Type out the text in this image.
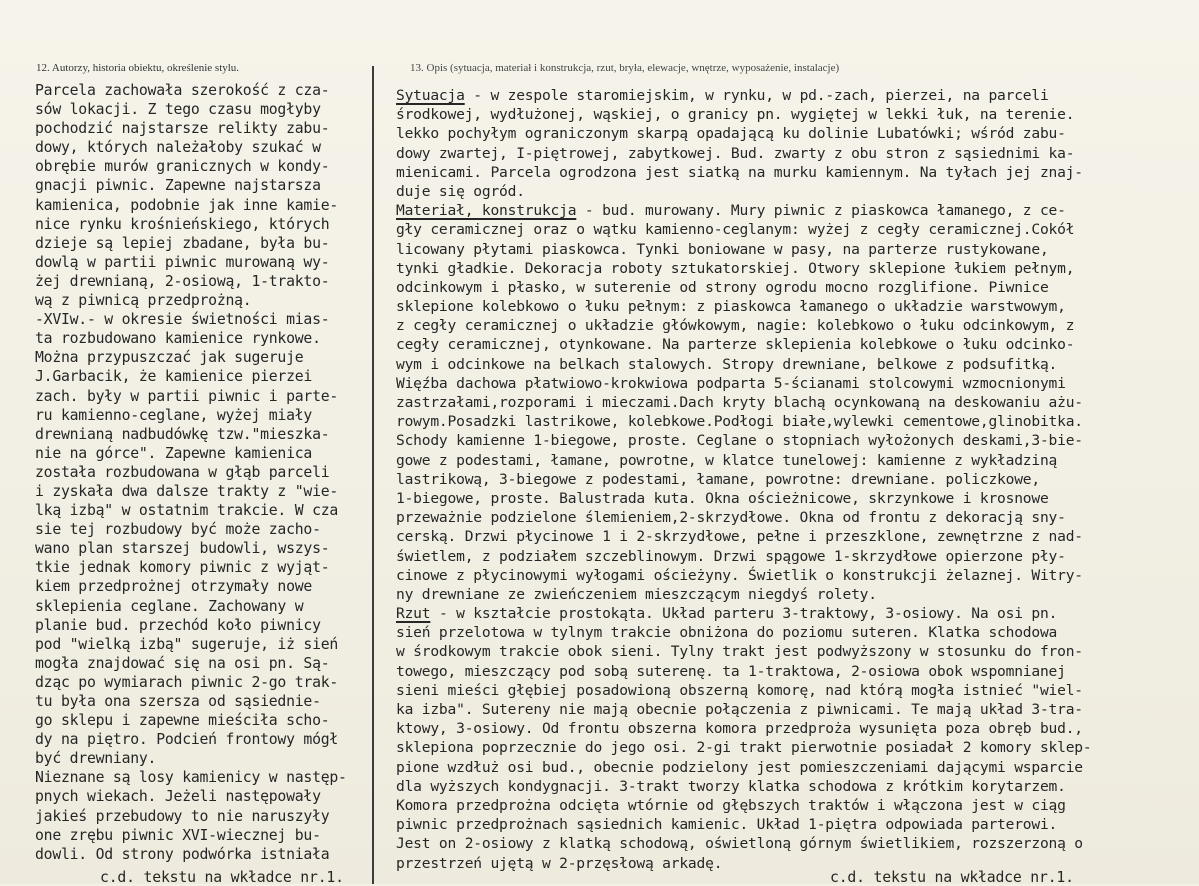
12. Autorzy, historia obiektu, określenie stylu.	13. Opis (sytuacja, materiał i konstrukcja, rzut, bryła, elewacje, wnętrze, wyposażenie, instalacje)
Parcela zachowała szerokość z cza-
sów lokacji. Z tego czasu mogłyby
pochodzić najstarsze relikty zabu-
dowy, których należałoby szukać w
obrębie murów granicznych w kondy-
gnacji piwnic. Zapewne najstarsza
kamienica, podobnie jak inne kamie-
nice rynku krośnieńskiego, których
dzieje są lepiej zbadane, była bu-
dowlą w partii piwnic murowaną wy-
żej drewnianą, 2-osiową, 1-trakto-
wą z piwnicą przedprożną.
-XVIw.- w okresie świetności mias-
ta rozbudowano kamienice rynkowe.
Można przypuszczać jak sugeruje
J.Garbacik, że kamienice pierzei
zach. były w partii piwnic i parte-
ru kamienno-ceglane, wyżej miały
drewnianą nadbudówkę tzw."mieszka-
nie na górce". Zapewne kamienica
została rozbudowana w głąb parceli
i zyskała dwa dalsze trakty z "wie-
lką izbą" w ostatnim trakcie. W cza
sie tej rozbudowy być może zacho-
wano plan starszej budowli, wszys-
tkie jednak komory piwnic z wyjąt-
kiem przedprożnej otrzymały nowe
sklepienia ceglane. Zachowany w
planie bud. przechód koło piwnicy
pod "wielką izbą" sugeruje, iż sień
mogła znajdować się na osi pn. Są-
dząc po wymiarach piwnic 2-go trak-
tu była ona szersza od sąsiednie-
go sklepu i zapewne mieściła scho-
dy na piętro. Podcień frontowy mógł
być drewniany.
Nieznane są losy kamienicy w następ-
pnych wiekach. Jeżeli następowały
jakieś przebudowy to nie naruszyły
one zrębu piwnic XVI-wiecznej bu-
dowli. Od strony podwórka istniała
Sytuacja - w zespole staromiejskim, w rynku, w pd.-zach, pierzei, na parceli
środkowej, wydłużonej, wąskiej, o granicy pn. wygiętej w lekki łuk, na terenie.
lekko pochyłym ograniczonym skarpą opadającą ku dolinie Lubatówki; wśród zabu-
dowy zwartej, I-piętrowej, zabytkowej. Bud. zwarty z obu stron z sąsiednimi ka-
mienicami. Parcela ogrodzona jest siatką na murku kamiennym. Na tyłach jej znaj-
duje się ogród.
Materiał, konstrukcja - bud. murowany. Mury piwnic z piaskowca łamanego, z ce-
gły ceramicznej oraz o wątku kamienno-ceglanym: wyżej z cegły ceramicznej.Cokół
licowany płytami piaskowca. Tynki boniowane w pasy, na parterze rustykowane,
tynki gładkie. Dekoracja roboty sztukatorskiej. Otwory sklepione łukiem pełnym,
odcinkowym i płasko, w suterenie od strony ogrodu mocno rozglifione. Piwnice
sklepione kolebkowo o łuku pełnym: z piaskowca łamanego o układzie warstwowym,
z cegły ceramicznej o układzie główkowym, nagie: kolebkowo o łuku odcinkowym, z
cegły ceramicznej, otynkowane. Na parterze sklepienia kolebkowe o łuku odcinko-
wym i odcinkowe na belkach stalowych. Stropy drewniane, belkowe z podsufitką.
Więźba dachowa płatwiowo-krokwiowa podparta 5-ścianami stolcowymi wzmocnionymi
zastrzałami,rozporami i mieczami.Dach kryty blachą ocynkowaną na deskowaniu ażu-
rowym.Posadzki lastrikowe, kolebkowe.Podłogi białe,wylewki cementowe,glinobitka.
Schody kamienne 1-biegowe, proste. Ceglane o stopniach wyłożonych deskami,3-bie-
gowe z podestami, łamane, powrotne, w klatce tunelowej: kamienne z wykładziną
lastrikową, 3-biegowe z podestami, łamane, powrotne: drewniane. policzkowe,
1-biegowe, proste. Balustrada kuta. Okna ościeżnicowe, skrzynkowe i krosnowe
przeważnie podzielone ślemieniem,2-skrzydłowe. Okna od frontu z dekoracją sny-
cerską. Drzwi płycinowe 1 i 2-skrzydłowe, pełne i przeszklone, zewnętrzne z nad-
świetlem, z podziałem szczeblinowym. Drzwi spągowe 1-skrzydłowe opierzone pły-
cinowe z płycinowymi wyłogami ościeżyny. Świetlik o konstrukcji żelaznej. Witry-
ny drewniane ze zwieńczeniem mieszczącym niegdyś rolety.
Rzut - w kształcie prostokąta. Układ parteru 3-traktowy, 3-osiowy. Na osi pn.
sień przelotowa w tylnym trakcie obniżona do poziomu suteren. Klatka schodowa
w środkowym trakcie obok sieni. Tylny trakt jest podwyższony w stosunku do fron-
towego, mieszczący pod sobą suterenę. ta 1-traktowa, 2-osiowa obok wspomnianej
sieni mieści głębiej posadowioną obszerną komorę, nad którą mogła istnieć "wiel-
ka izba". Sutereny nie mają obecnie połączenia z piwnicami. Te mają układ 3-tra-
ktowy, 3-osiowy. Od frontu obszerna komora przedproża wysunięta poza obręb bud.,
sklepiona poprzecznie do jego osi. 2-gi trakt pierwotnie posiadał 2 komory sklep-
pione wzdłuż osi bud., obecnie podzielony jest pomieszczeniami dającymi wsparcie
dla wyższych kondygnacji. 3-trakt tworzy klatka schodowa z krótkim korytarzem.
Komora przedprożna odcięta wtórnie od głębszych traktów i włączona jest w ciąg
piwnic przedprożnach sąsiednich kamienic. Układ 1-piętra odpowiada parterowi.
Jest on 2-osiowy z klatką schodową, oświetloną górnym świetlikiem, rozszerzoną o
przestrzeń ujętą w 2-przęsłową arkadę.
c.d. tekstu na wkładce nr.1.	c.d. tekstu na wkładce nr.1.
